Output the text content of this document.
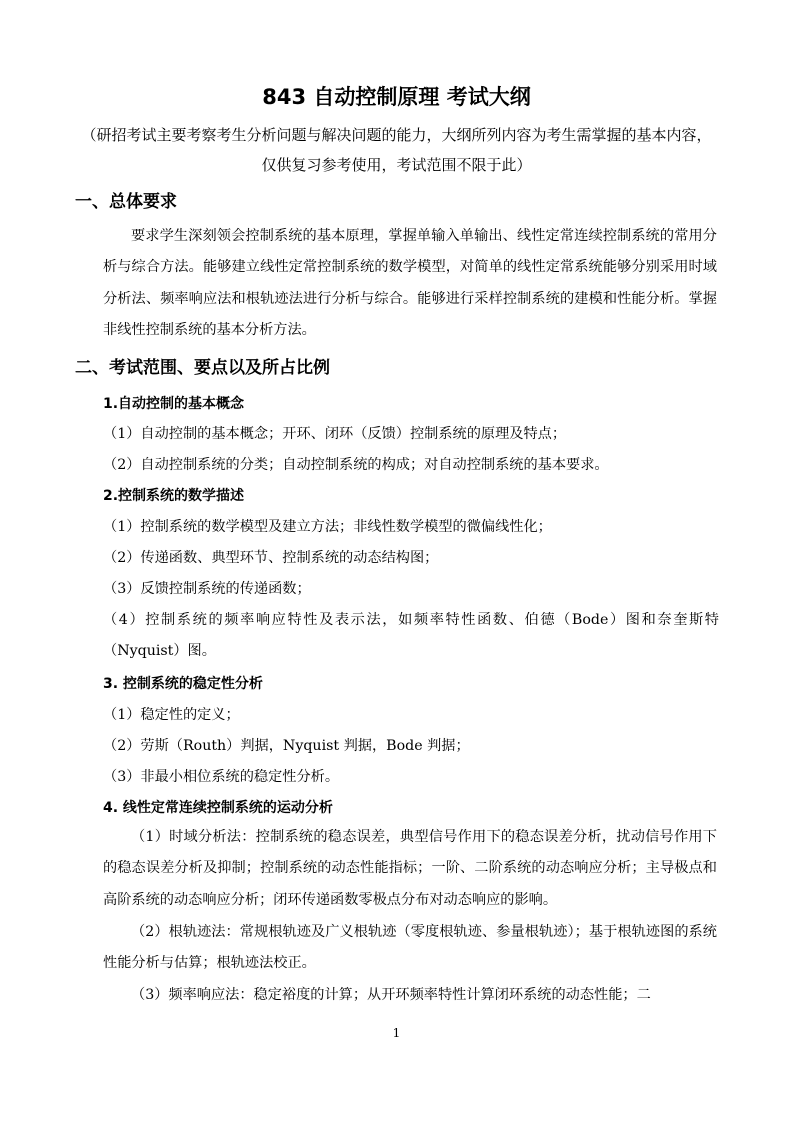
843 自动控制原理 考试大纲
（研招考试主要考察考生分析问题与解决问题的能力，大纲所列内容为考生需掌握的基本内容，仅供复习参考使用，考试范围不限于此）
一、总体要求
要求学生深刻领会控制系统的基本原理，掌握单输入单输出、线性定常连续控制系统的常用分析与综合方法。能够建立线性定常控制系统的数学模型，对简单的线性定常系统能够分别采用时域分析法、频率响应法和根轨迹法进行分析与综合。能够进行采样控制系统的建模和性能分析。掌握非线性控制系统的基本分析方法。
二、考试范围、要点以及所占比例
1.自动控制的基本概念
（1）自动控制的基本概念；开环、闭环（反馈）控制系统的原理及特点；
（2）自动控制系统的分类；自动控制系统的构成；对自动控制系统的基本要求。
2.控制系统的数学描述
（1）控制系统的数学模型及建立方法；非线性数学模型的微偏线性化；
（2）传递函数、典型环节、控制系统的动态结构图；
（3）反馈控制系统的传递函数；
（4）控制系统的频率响应特性及表示法，如频率特性函数、伯德（Bode）图和奈奎斯特（Nyquist）图。
3. 控制系统的稳定性分析
（1）稳定性的定义；
（2）劳斯（Routh）判据，Nyquist 判据，Bode 判据；
（3）非最小相位系统的稳定性分析。
4. 线性定常连续控制系统的运动分析
（1）时域分析法：控制系统的稳态误差，典型信号作用下的稳态误差分析，扰动信号作用下的稳态误差分析及抑制；控制系统的动态性能指标；一阶、二阶系统的动态响应分析；主导极点和高阶系统的动态响应分析；闭环传递函数零极点分布对动态响应的影响。
（2）根轨迹法：常规根轨迹及广义根轨迹（零度根轨迹、参量根轨迹）；基于根轨迹图的系统性能分析与估算；根轨迹法校正。
（3）频率响应法：稳定裕度的计算；从开环频率特性计算闭环系统的动态性能；二
1
